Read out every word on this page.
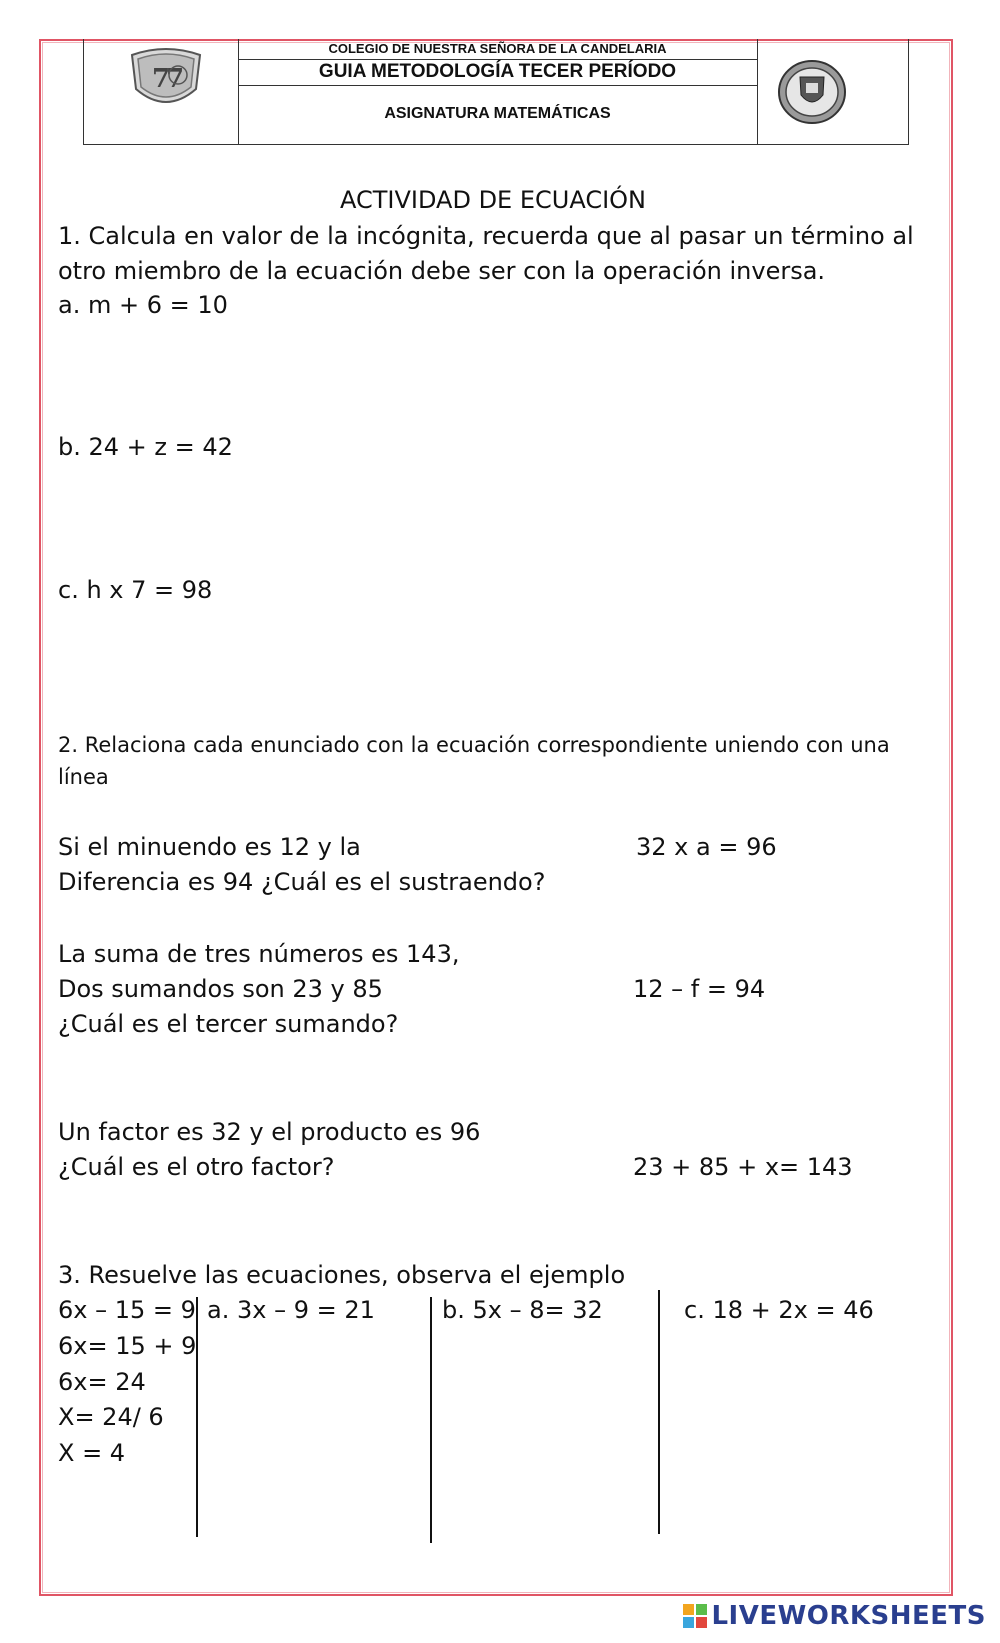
COLEGIO DE NUESTRA SEÑORA DE LA CANDELARIA
GUIA METODOLOGÍA TECER PERÍODO
ASIGNATURA MATEMÁTICAS
7
7
ACTIVIDAD DE ECUACIÓN
1. Calcula en valor de la incógnita, recuerda que al pasar un término al
otro miembro de la ecuación debe ser con la operación inversa.
a. m + 6 = 10
b. 24 + z = 42
c. h x 7 = 98
2. Relaciona cada enunciado con la ecuación correspondiente uniendo con una
línea
Si el minuendo es 12 y la
Diferencia es 94 ¿Cuál es el sustraendo?
32 x a = 96
La suma de tres números es 143,
Dos sumandos son 23 y 85
¿Cuál es el tercer sumando?
12 – f = 94
Un factor es 32 y el producto es 96
¿Cuál es el otro factor?	23 + 85 + x= 143
3. Resuelve las ecuaciones, observa el ejemplo
6x – 15 = 9
6x= 15 + 9
6x= 24
X= 24/ 6
X = 4
a. 3x – 9 = 21	b. 5x – 8= 32	c. 18 + 2x = 46
LIVEWORKSHEETS
